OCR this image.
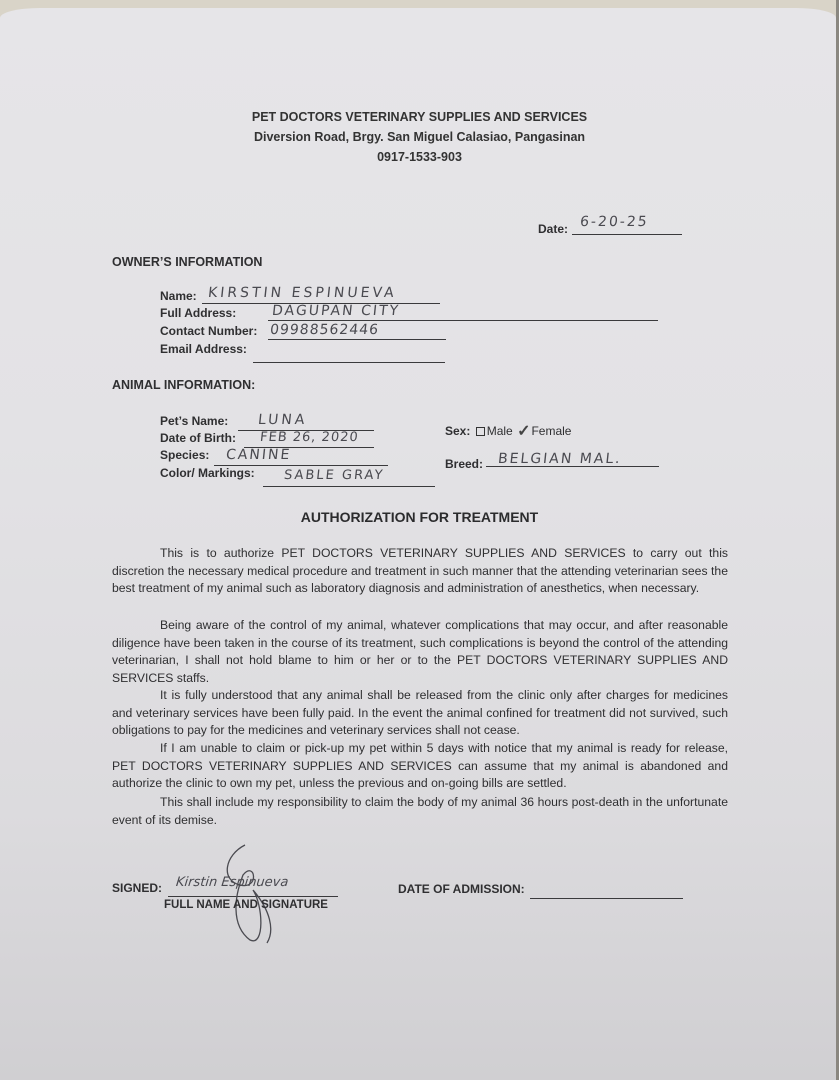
PET DOCTORS VETERINARY SUPPLIES AND SERVICES
Diversion Road, Brgy. San Miguel Calasiao, Pangasinan
0917-1533-903
Date: 6-20-25
OWNER’S INFORMATION
Name: KIRSTIN ESPINUEVA
Full Address: DAGUPAN CITY
Contact Number: 09988562446
Email Address:
ANIMAL INFORMATION:
Pet’s Name: LUNA
Date of Birth: FEB 26, 2020
Species: CANINE
Color/ Markings: SABLE GRAY
Sex: Male ✓Female
Breed: BELGIAN MAL.
AUTHORIZATION FOR TREATMENT

This is to authorize PET DOCTORS VETERINARY SUPPLIES AND SERVICES to carry out this discretion the necessary medical procedure and treatment in such manner that the attending veterinarian sees the best treatment of my animal such as laboratory diagnosis and administration of anesthetics, when necessary.

Being aware of the control of my animal, whatever complications that may occur, and after reasonable diligence have been taken in the course of its treatment, such complications is beyond the control of the attending veterinarian, I shall not hold blame to him or her or to the PET DOCTORS VETERINARY SUPPLIES AND SERVICES staffs.

It is fully understood that any animal shall be released from the clinic only after charges for medicines and veterinary services have been fully paid. In the event the animal confined for treatment did not survived, such obligations to pay for the medicines and veterinary services shall not cease.

If I am unable to claim or pick-up my pet within 5 days with notice that my animal is ready for release, PET DOCTORS VETERINARY SUPPLIES AND SERVICES can assume that my animal is abandoned and authorize the clinic to own my pet, unless the previous and on-going bills are settled.

This shall include my responsibility to claim the body of my animal 36 hours post-death in the unfortunate event of its demise.

SIGNED: Kirstin Espinueva
FULL NAME AND SIGNATURE
DATE OF ADMISSION:
